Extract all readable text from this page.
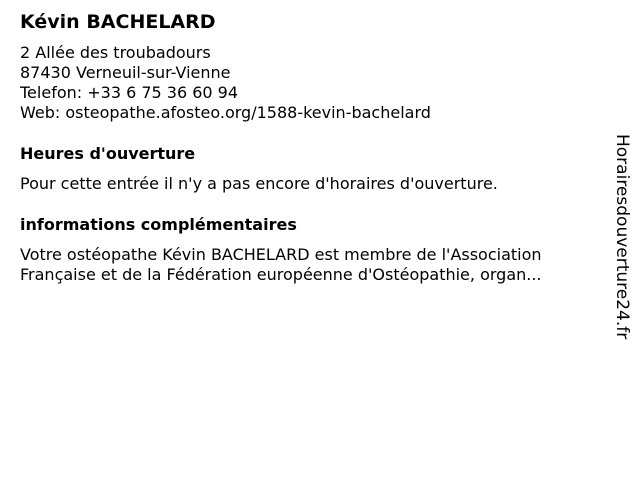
Kévin BACHELARD
2 Allée des troubadours
87430 Verneuil-sur-Vienne
Telefon: +33 6 75 36 60 94
Web: osteopathe.afosteo.org/1588-kevin-bachelard
Heures d'ouverture
Pour cette entrée il n'y a pas encore d'horaires d'ouverture.
informations complémentaires
Votre ostéopathe Kévin BACHELARD est membre de l'Association
Française et de la Fédération européenne d'Ostéopathie, organ...	Horairesdouverture24.fr
